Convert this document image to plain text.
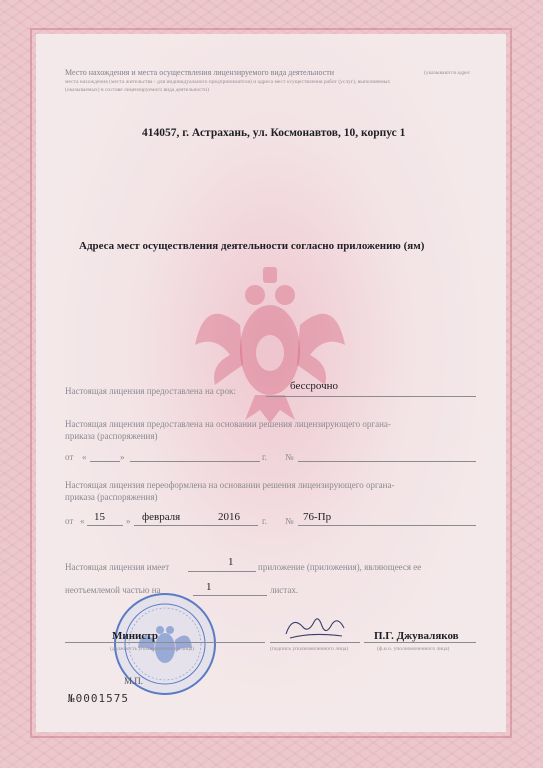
Место нахождения и места осуществления лицензируемого вида деятельности	(указываются адрес
места нахождения (места жительства - для индивидуального предпринимателя) и адреса мест осуществления работ (услуг), выполняемых
(оказываемых) в составе лицензируемого вида деятельности)
414057, г. Астрахань, ул. Космонавтов, 10, корпус 1
Адреса мест осуществления деятельности согласно приложению (ям)
Настоящая лицензия предоставлена на срок:	бессрочно
Настоящая лицензия предоставлена на основании решения лицензирующего органа-
приказа (распоряжения)
от «	»	г. №
Настоящая лицензия переоформлена на основании решения лицензирующего органа-
приказа (распоряжения)
от « 15 » февраля	2016 г. № 76-Пр
Настоящая лицензия имеет	1	приложение (приложения), являющееся ее
неотъемлемой частью на	1	листах.
Министр
(должность уполномоченного лица)	(подпись уполномоченного лица)
П.Г. Джуваляков
(ф.и.о. уполномоченного лица)
М.П.
№0001575
